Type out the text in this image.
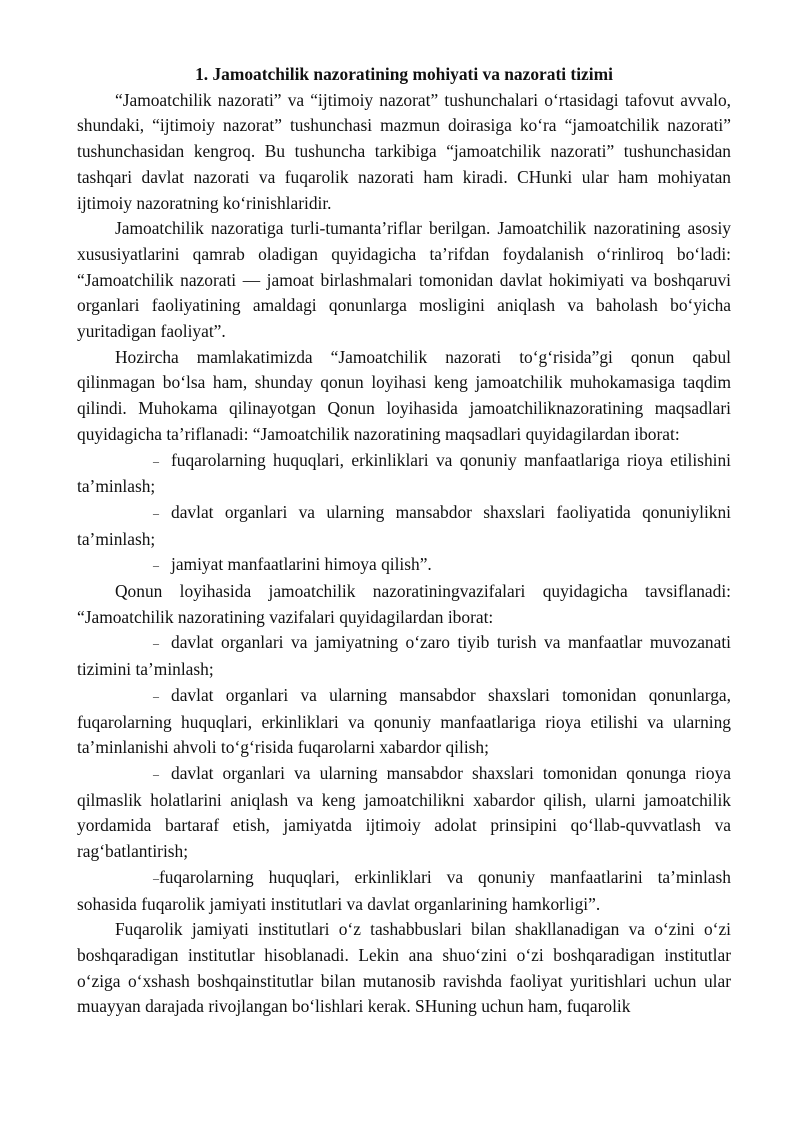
1. Jamoatchilik nazoratining mohiyati va nazorati tizimi

“Jamoatchilik nazorati” va “ijtimoiy nazorat” tushunchalari o‘rtasidagi tafovut avvalo, shundaki, “ijtimoiy nazorat” tushunchasi mazmun doirasiga ko‘ra “jamoatchilik nazorati” tushunchasidan kengroq. Bu tushuncha tarkibiga “jamoatchilik nazorati” tushunchasidan tashqari davlat nazorati va fuqarolik nazorati ham kiradi. CHunki ular ham mohiyatan ijtimoiy nazoratning ko‘rinishlaridir.

Jamoatchilik nazoratiga turli-tumanta’riflar berilgan. Jamoatchilik nazoratining asosiy xususiyatlarini qamrab oladigan quyidagicha ta’rifdan foydalanish o‘rinliroq bo‘ladi: “Jamoatchilik nazorati — jamoat birlashmalari tomonidan davlat hokimiyati va boshqaruvi organlari faoliyatining amaldagi qonunlarga mosligini aniqlash va baholash bo‘yicha yuritadigan faoliyat”.

Hozircha mamlakatimizda “Jamoatchilik nazorati to‘g‘risida”gi qonun qabul qilinmagan bo‘lsa ham, shunday qonun loyihasi keng jamoatchilik muhokamasiga taqdim qilindi. Muhokama qilinayotgan Qonun loyihasida jamoatchiliknazoratining maqsadlari quyidagicha ta’riflanadi: “Jamoatchilik nazoratining maqsadlari quyidagilardan iborat:

– fuqarolarning huquqlari, erkinliklari va qonuniy manfaatlariga rioya etilishini ta’minlash;

– davlat organlari va ularning mansabdor shaxslari faoliyatida qonuniylikni ta’minlash;

– jamiyat manfaatlarini himoya qilish”.

Qonun loyihasida jamoatchilik nazoratiningvazifalari quyidagicha tavsiflanadi: “Jamoatchilik nazoratining vazifalari quyidagilardan iborat:

– davlat organlari va jamiyatning o‘zaro tiyib turish va manfaatlar muvozanati tizimini ta’minlash;

– davlat organlari va ularning mansabdor shaxslari tomonidan qonunlarga, fuqarolarning huquqlari, erkinliklari va qonuniy manfaatlariga rioya etilishi va ularning ta’minlanishi ahvoli to‘g‘risida fuqarolarni xabardor qilish;

– davlat organlari va ularning mansabdor shaxslari tomonidan qonunga rioya qilmaslik holatlarini aniqlash va keng jamoatchilikni xabardor qilish, ularni jamoatchilik yordamida bartaraf etish, jamiyatda ijtimoiy adolat prinsipini qo‘llab-quvvatlash va rag‘batlantirish;

–fuqarolarning huquqlari, erkinliklari va qonuniy manfaatlarini ta’minlash sohasida fuqarolik jamiyati institutlari va davlat organlarining hamkorligi”.

Fuqarolik jamiyati institutlari o‘z tashabbuslari bilan shakllanadigan va o‘zini o‘zi boshqaradigan institutlar hisoblanadi. Lekin ana shuo‘zini o‘zi boshqaradigan institutlar o‘ziga o‘xshash boshqainstitutlar bilan mutanosib ravishda faoliyat yuritishlari uchun ular muayyan darajada rivojlangan bo‘lishlari kerak. SHuning uchun ham, fuqarolik
